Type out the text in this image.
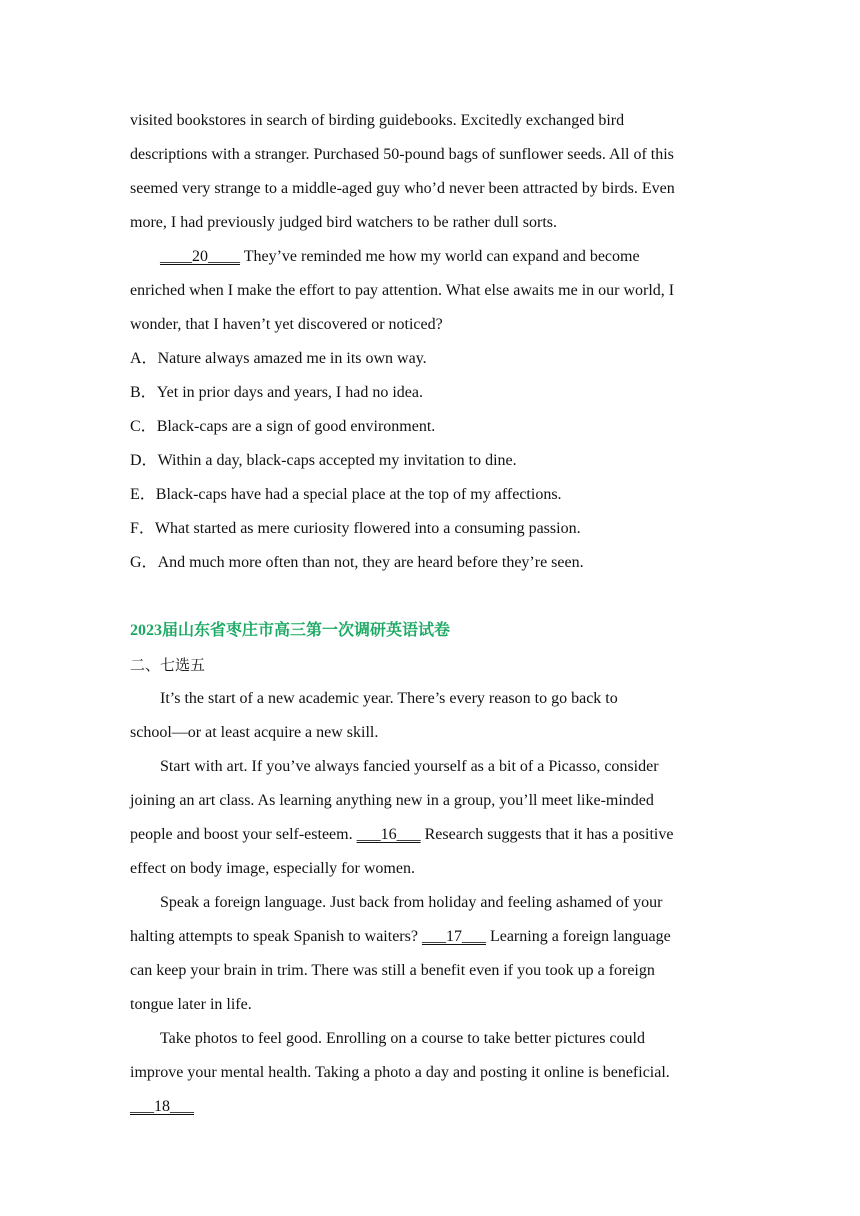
visited bookstores in search of birding guidebooks. Excitedly exchanged bird
descriptions with a stranger. Purchased 50-pound bags of sunflower seeds. All of this
seemed very strange to a middle-aged guy who’d never been attracted by birds. Even
more, I had previously judged bird watchers to be rather dull sorts.
____20____ They’ve reminded me how my world can expand and become
enriched when I make the effort to pay attention. What else awaits me in our world, I
wonder, that I haven’t yet discovered or noticed?
A．Nature always amazed me in its own way.
B．Yet in prior days and years, I had no idea.
C．Black-caps are a sign of good environment.
D．Within a day, black-caps accepted my invitation to dine.
E．Black-caps have had a special place at the top of my affections.
F．What started as mere curiosity flowered into a consuming passion.
G．And much more often than not, they are heard before they’re seen.
2023届山东省枣庄市高三第一次调研英语试卷
二、七选五
It’s the start of a new academic year. There’s every reason to go back to
school—or at least acquire a new skill.
Start with art. If you’ve always fancied yourself as a bit of a Picasso, consider
joining an art class. As learning anything new in a group, you’ll meet like-minded
people and boost your self-esteem. ___16___ Research suggests that it has a positive
effect on body image, especially for women.
Speak a foreign language. Just back from holiday and feeling ashamed of your
halting attempts to speak Spanish to waiters? ___17___ Learning a foreign language
can keep your brain in trim. There was still a benefit even if you took up a foreign
tongue later in life.
Take photos to feel good. Enrolling on a course to take better pictures could
improve your mental health. Taking a photo a day and posting it online is beneficial.
___18___
